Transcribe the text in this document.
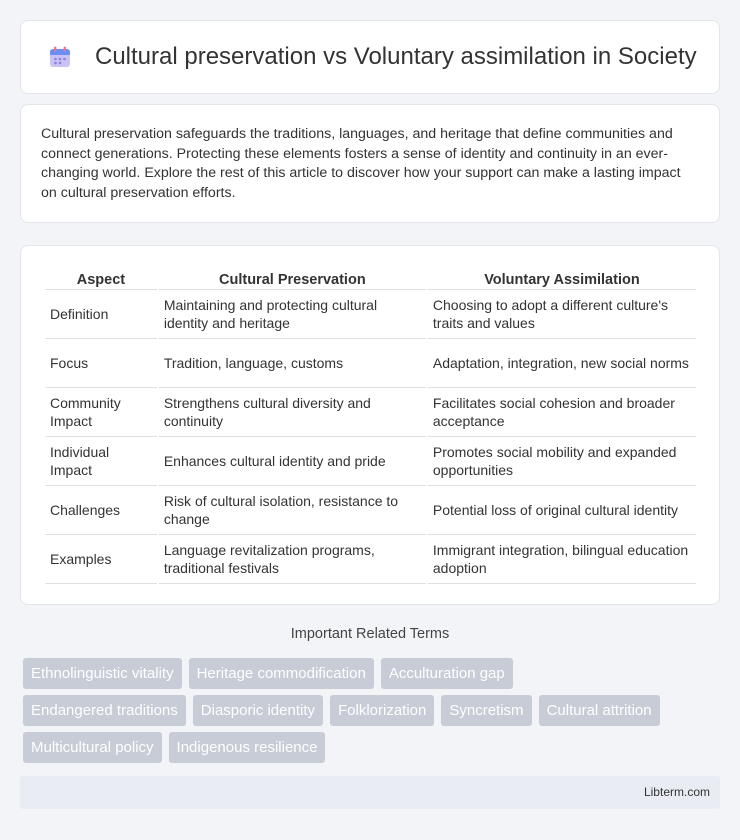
Cultural preservation vs Voluntary assimilation in Society

Cultural preservation safeguards the traditions, languages, and heritage that define communities and connect generations. Protecting these elements fosters a sense of identity and continuity in an ever-changing world. Explore the rest of this article to discover how your support can make a lasting impact on cultural preservation efforts.

Aspect	Cultural Preservation	Voluntary Assimilation
Definition	Maintaining and protecting cultural identity and heritage	Choosing to adopt a different culture's traits and values
Focus	Tradition, language, customs	Adaptation, integration, new social norms
Community Impact	Strengthens cultural diversity and continuity	Facilitates social cohesion and broader acceptance
Individual Impact	Enhances cultural identity and pride	Promotes social mobility and expanded opportunities
Challenges	Risk of cultural isolation, resistance to change	Potential loss of original cultural identity
Examples	Language revitalization programs, traditional festivals	Immigrant integration, bilingual education adoption
Important Related Terms
Ethnolinguistic vitality	Heritage commodification	Acculturation gap
Endangered traditions	Diasporic identity	Folklorization	Syncretism	Cultural attrition
Multicultural policy	Indigenous resilience
Libterm.com
